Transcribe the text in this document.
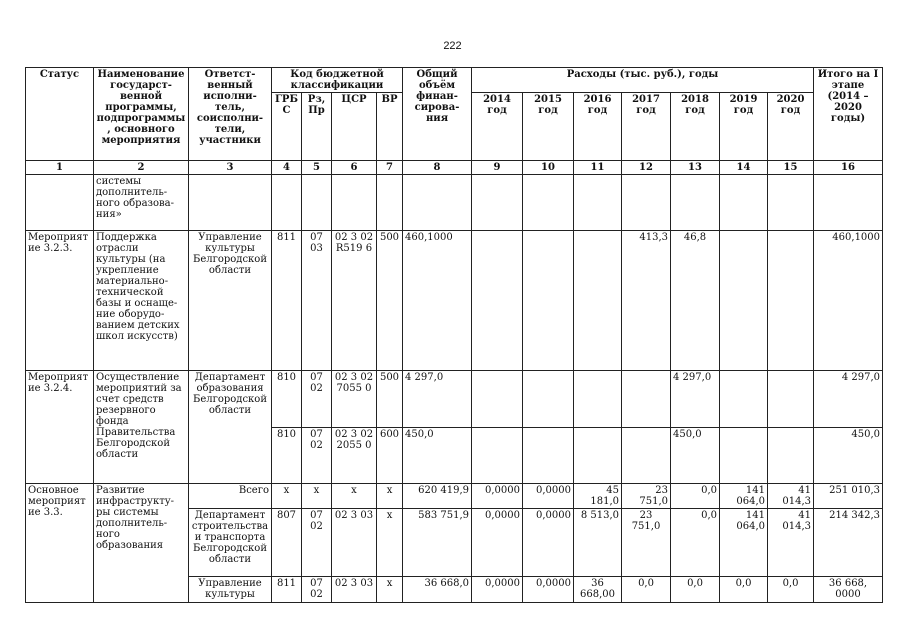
222
Статус	Наименование государст-венной программы, подпрограммы, основного мероприятия	Ответст-венный исполни-тель, соисполни-тели, участники	Код бюджетной классификации				Общий объём финан-сирова-ния	Расходы (тыс. руб.), годы							Итого на I этапе (2014 – 2020 годы)
			ГРБ С	Рз, Пр	ЦСР	ВР		2014 год	2015 год	2016 год	2017 год	2018 год	2019 год	2020 год	
1	2	3	4	5	6	7	8	9	10	11	12	13	14	15	16
	системы дополнитель-ного образова-ния»														
Мероприятие 3.2.3.	Поддержка отрасли культуры (на укрепление материально-технической базы и оснаще-ние оборудо-ванием детских школ искусств)	Управление культуры Белгородской области	811	07 03	02 3 02 R519 6	500	460,1000				413,3	46,8			460,1000
Мероприятие 3.2.4.	Осуществление мероприятий за счет средств резервного фонда Правительства Белгородской области	Департамент образования Белгородской области	810	07 02	02 3 02 7055 0	500	4 297,0					4 297,0			4 297,0
			810	07 02	02 3 02 2055 0	600	450,0					450,0			450,0
Основное мероприятие 3.3.	Развитие инфраструкту-ры системы дополнитель-ного образования	Всего	х	х	х	х	620 419,9	0,0000	0,0000	45 181,0	23 751,0	0,0	141 064,0	41 014,3	251 010,3
		Департамент строительства и транспорта Белгородской области	807	07 02	02 3 03	х	583 751,9	0,0000	0,0000	8 513,0	23 751,0	0,0	141 064,0	41 014,3	214 342,3
		Управление культуры	811	07 02	02 3 03	х	36 668,0	0,0000	0,0000	36 668,00	0,0	0,0	0,0	0,0	36 668, 0000
